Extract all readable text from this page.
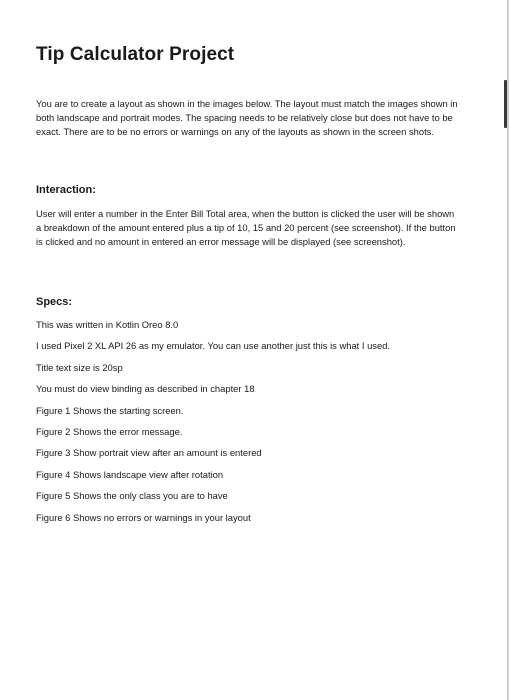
Tip Calculator Project

You are to create a layout as shown in the images below. The layout must match the images shown in both landscape and portrait modes. The spacing needs to be relatively close but does not have to be exact. There are to be no errors or warnings on any of the layouts as shown in the screen shots.

Interaction:

User will enter a number in the Enter Bill Total area, when the button is clicked the user will be shown a breakdown of the amount entered plus a tip of 10, 15 and 20 percent (see screenshot). If the button is clicked and no amount in entered an error message will be displayed (see screenshot).

Specs:

This was written in Kotlin Oreo 8.0

I used Pixel 2 XL API 26 as my emulator. You can use another just this is what I used.

Title text size is 20sp

You must do view binding as described in chapter 18

Figure 1 Shows the starting screen.

Figure 2 Shows the error message.

Figure 3 Show portrait view after an amount is entered

Figure 4 Shows landscape view after rotation

Figure 5 Shows the only class you are to have

Figure 6 Shows no errors or warnings in your layout
